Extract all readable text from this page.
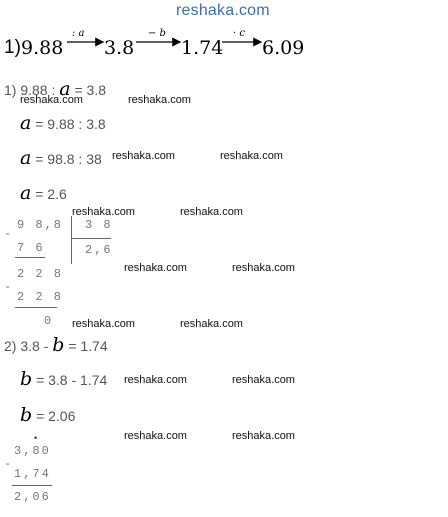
reshaka.com
1) 9.88
: a
3.8
− b
1.74
· c
6.09
1) 9.88 : a = 3.8
a = 9.88 : 3.8
a = 98.8 : 38
a = 2.6
-
9 8,8 3 8
7 6	2,6
-
2 2 8
2 2 8
0
2) 3.8 - b = 1.74
b = 3.8 - 1.74
b = 2.06
•
-
3,80
1,74
2,06
reshaka.com	reshaka.com
reshaka.com	reshaka.com
reshaka.com	reshaka.com
reshaka.com	reshaka.com
reshaka.com	reshaka.com
reshaka.com	reshaka.com
reshaka.com	reshaka.com
